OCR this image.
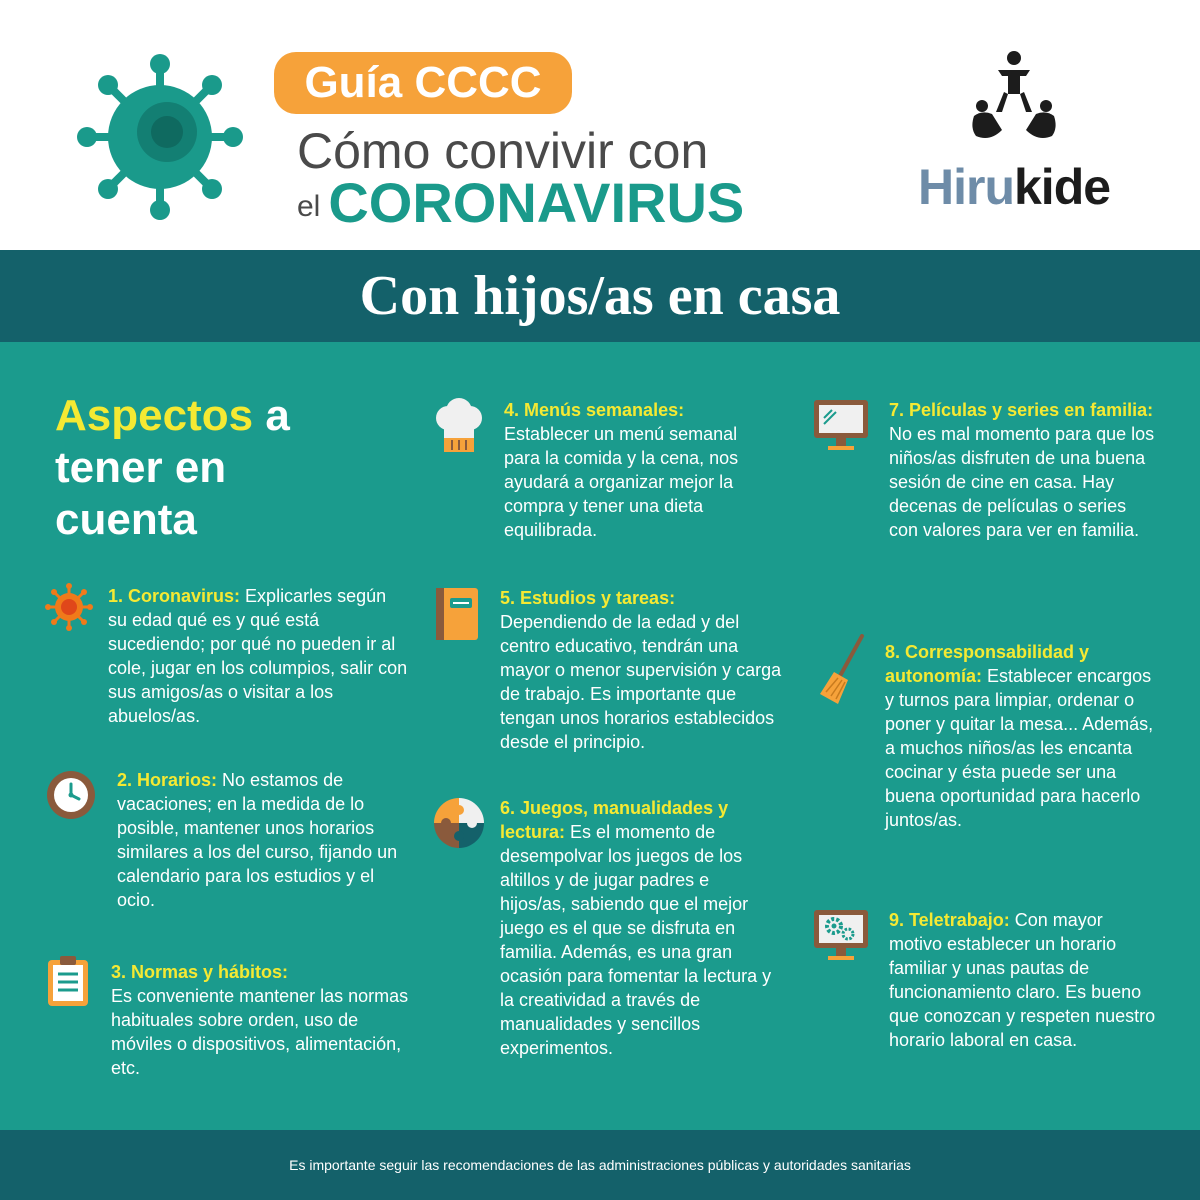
Guía CCCC
Cómo convivir con
el CORONAVIRUS	Hirukide
Con hijos/as en casa
Aspectos a
tener en
cuenta
1. Coronavirus: Explicarles según su edad qué es y qué está sucediendo; por qué no pueden ir al cole, jugar en los columpios, salir con sus amigos/as o visitar a los abuelos/as.
2. Horarios: No estamos de vacaciones; en la medida de lo posible, mantener unos horarios similares a los del curso, fijando un calendario para los estudios y el ocio.
3. Normas y hábitos:
Es conveniente mantener las normas habituales sobre orden, uso de móviles o dispositivos, alimentación, etc.
4. Menús semanales:
Establecer un menú semanal para la comida y la cena, nos ayudará a organizar mejor la compra y tener una dieta equilibrada.
5. Estudios y tareas:
Dependiendo de la edad y del centro educativo, tendrán una mayor o menor supervisión y carga de trabajo. Es importante que tengan unos horarios establecidos desde el principio.
6. Juegos, manualidades y lectura: Es el momento de desempolvar los juegos de los altillos y de jugar padres e hijos/as, sabiendo que el mejor juego es el que se disfruta en familia. Además, es una gran ocasión para fomentar la lectura y la creatividad a través de manualidades y sencillos experimentos.
7. Películas y series en familia: No es mal momento para que los niños/as disfruten de una buena sesión de cine en casa. Hay decenas de películas o series con valores para ver en familia.
8. Corresponsabilidad y autonomía: Establecer encargos y turnos para limpiar, ordenar o poner y quitar la mesa... Además, a muchos niños/as les encanta cocinar y ésta puede ser una buena oportunidad para hacerlo juntos/as.
9. Teletrabajo: Con mayor motivo establecer un horario familiar y unas pautas de funcionamiento claro. Es bueno que conozcan y respeten nuestro horario laboral en casa.
Es importante seguir las recomendaciones de las administraciones públicas y autoridades sanitarias
